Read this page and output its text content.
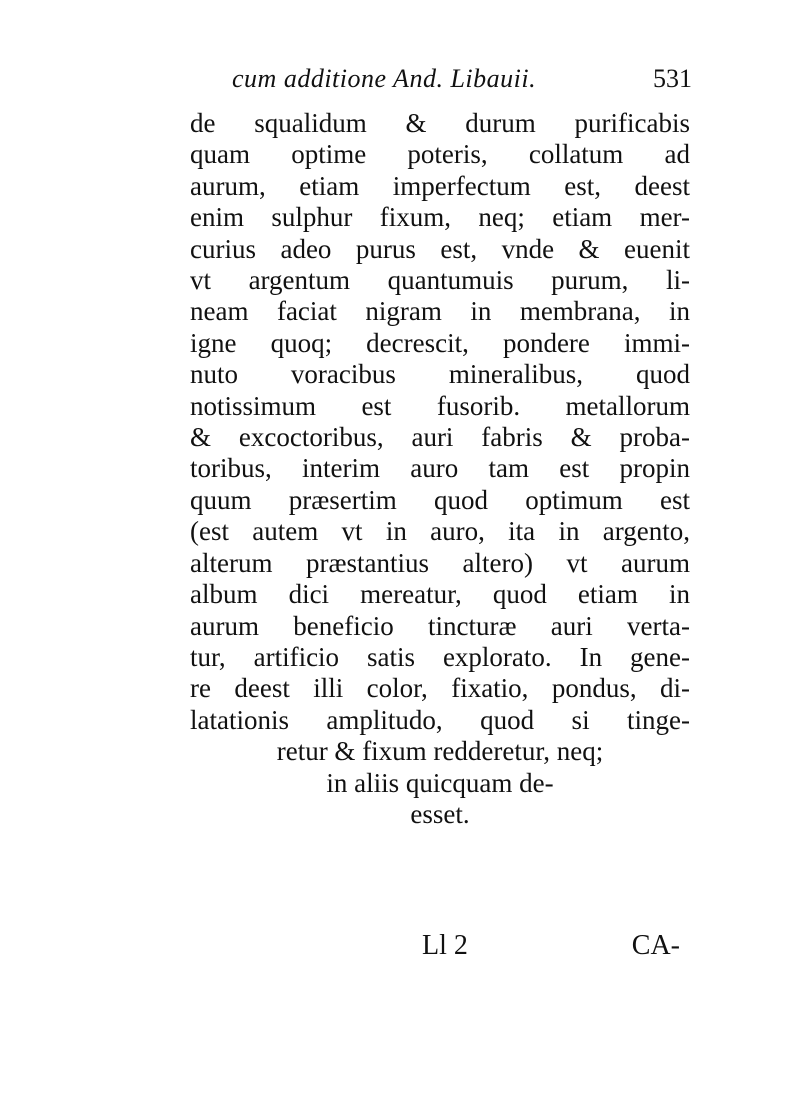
cum additione And. Libauii.	531
de squalidum & durum purificabis
quam optime poteris, collatum ad
aurum, etiam imperfectum est, deest
enim sulphur fixum, neq; etiam mer-
curius adeo purus est, vnde & euenit
vt argentum quantumuis purum, li-
neam faciat nigram in membrana, in
igne quoq; decrescit, pondere immi-
nuto voracibus mineralibus, quod
notissimum est fusorib. metallorum
& excoctoribus, auri fabris & proba-
toribus, interim auro tam est propin
quum præsertim quod optimum est
(est autem vt in auro, ita in argento,
alterum præstantius altero) vt aurum
album dici mereatur, quod etiam in
aurum beneficio tincturæ auri verta-
tur, artificio satis explorato. In gene-
re deest illi color, fixatio, pondus, di-
latationis amplitudo, quod si tinge-
retur & fixum redderetur, neq;
in aliis quicquam de-
esset.
Ll 2	CA-
